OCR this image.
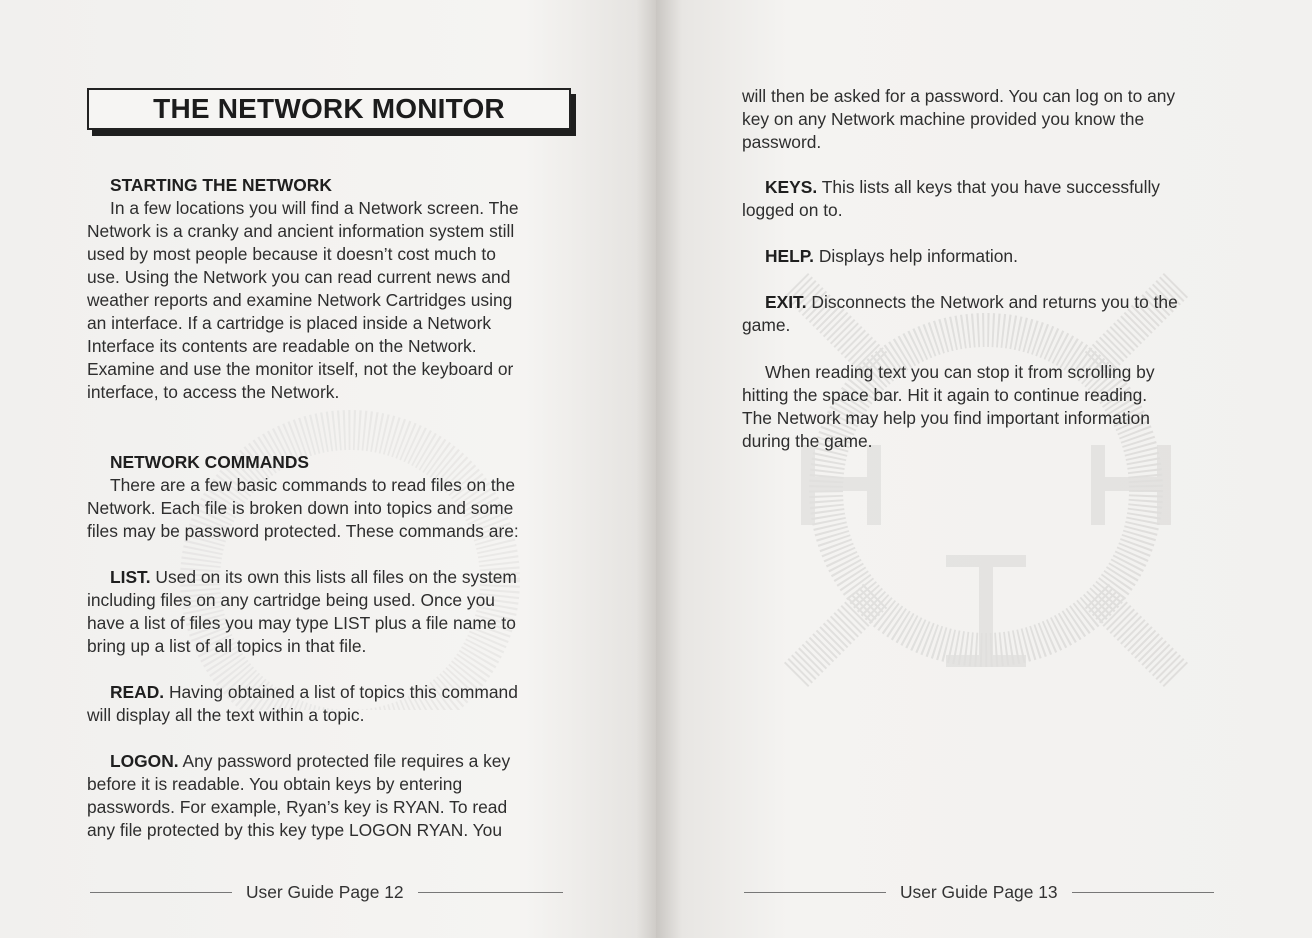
THE NETWORK MONITOR

STARTING THE NETWORK

In a few locations you will find a Network screen. The

Network is a cranky and ancient information system still

used by most people because it doesn’t cost much to

use. Using the Network you can read current news and

weather reports and examine Network Cartridges using

an interface. If a cartridge is placed inside a Network

Interface its contents are readable on the Network.

Examine and use the monitor itself, not the keyboard or

interface, to access the Network.

NETWORK COMMANDS

There are a few basic commands to read files on the

Network. Each file is broken down into topics and some

files may be password protected. These commands are:

LIST. Used on its own this lists all files on the system

including files on any cartridge being used. Once you

have a list of files you may type LIST plus a file name to

bring up a list of all topics in that file.

READ. Having obtained a list of topics this command

will display all the text within a topic.

LOGON. Any password protected file requires a key

before it is readable. You obtain keys by entering

passwords. For example, Ryan’s key is RYAN. To read

any file protected by this key type LOGON RYAN. You

User Guide Page 12

will then be asked for a password. You can log on to any

key on any Network machine provided you know the

password.

KEYS. This lists all keys that you have successfully

logged on to.

HELP. Displays help information.

EXIT. Disconnects the Network and returns you to the

game.

When reading text you can stop it from scrolling by

hitting the space bar. Hit it again to continue reading.

The Network may help you find important information

during the game.

User Guide Page 13
